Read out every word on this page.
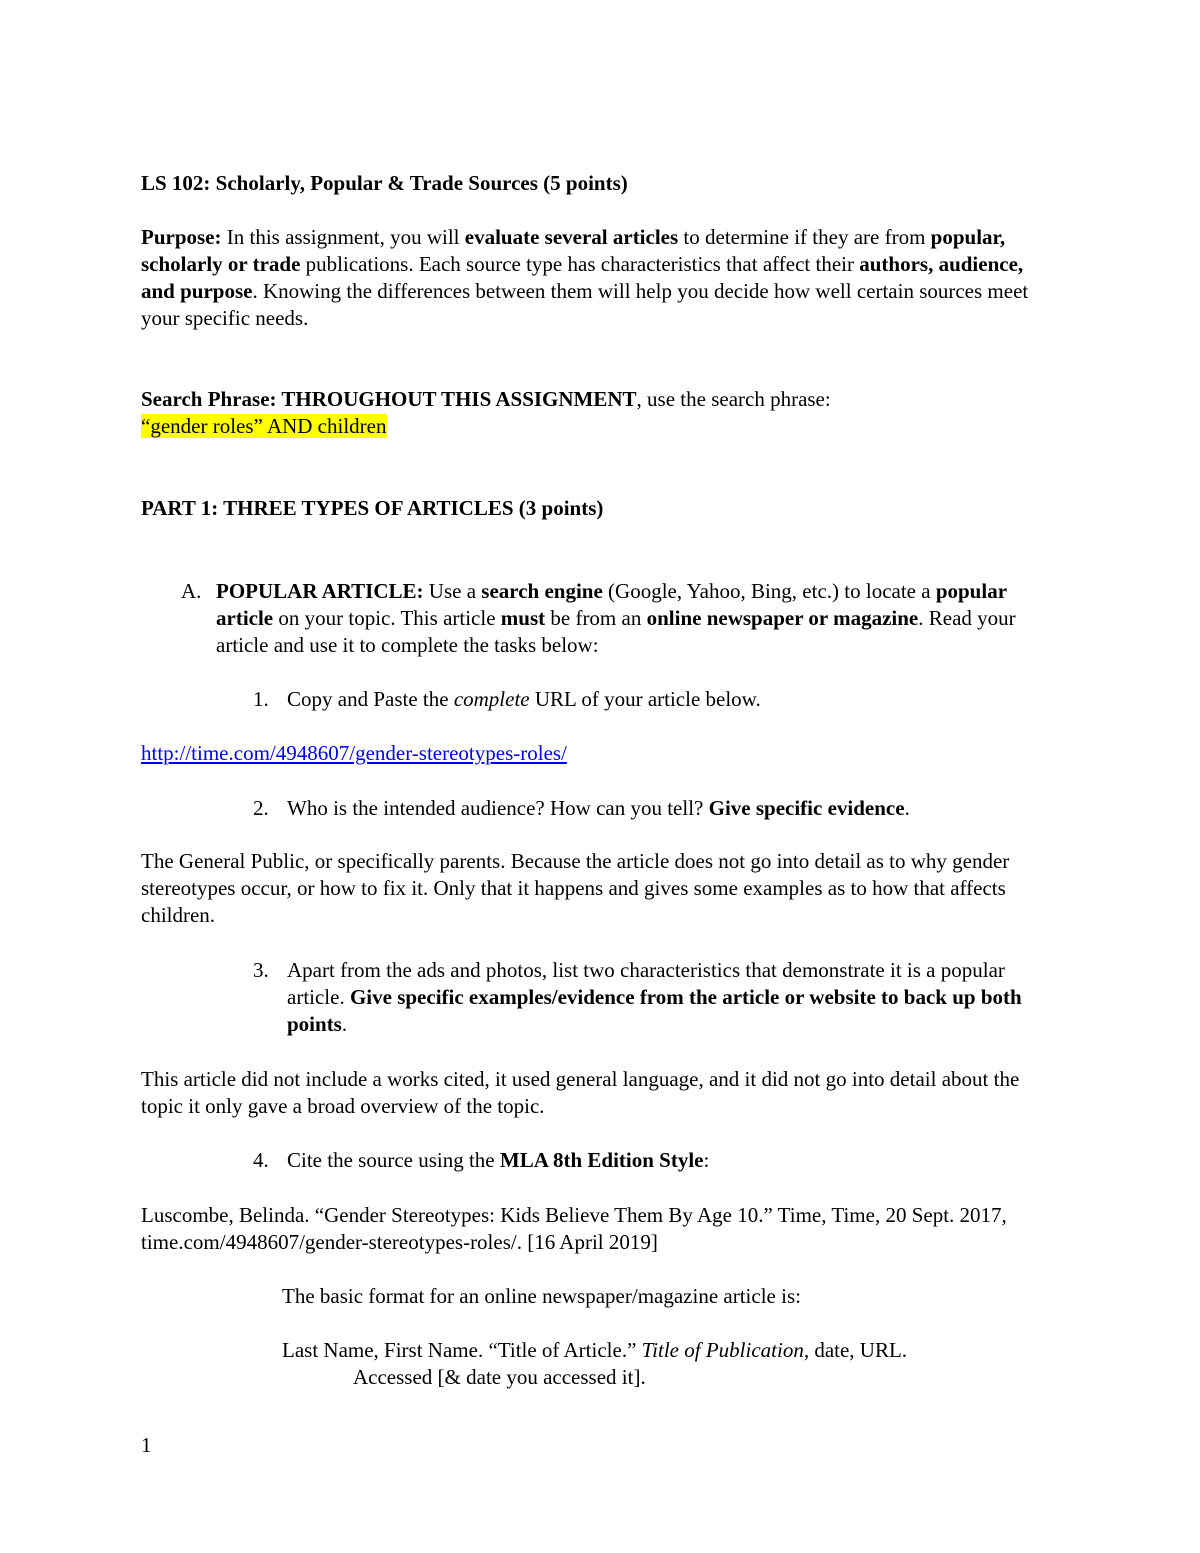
LS 102: Scholarly, Popular & Trade Sources (5 points)

Purpose: In this assignment, you will evaluate several articles to determine if they are from popular, scholarly or trade publications. Each source type has characteristics that affect their authors, audience, and purpose. Knowing the differences between them will help you decide how well certain sources meet your specific needs.

Search Phrase: THROUGHOUT THIS ASSIGNMENT, use the search phrase:
“gender roles” AND children

PART 1: THREE TYPES OF ARTICLES (3 points)

A. POPULAR ARTICLE: Use a search engine (Google, Yahoo, Bing, etc.) to locate a popular article on your topic. This article must be from an online newspaper or magazine. Read your article and use it to complete the tasks below:

1. Copy and Paste the complete URL of your article below.

http://time.com/4948607/gender-stereotypes-roles/

2. Who is the intended audience? How can you tell? Give specific evidence.

The General Public, or specifically parents. Because the article does not go into detail as to why gender stereotypes occur, or how to fix it. Only that it happens and gives some examples as to how that affects children.

3. Apart from the ads and photos, list two characteristics that demonstrate it is a popular article. Give specific examples/evidence from the article or website to back up both points.

This article did not include a works cited, it used general language, and it did not go into detail about the topic it only gave a broad overview of the topic.

4. Cite the source using the MLA 8th Edition Style:

Luscombe, Belinda. “Gender Stereotypes: Kids Believe Them By Age 10.” Time, Time, 20 Sept. 2017, time.com/4948607/gender-stereotypes-roles/. [16 April 2019]

The basic format for an online newspaper/magazine article is:

Last Name, First Name. “Title of Article.” Title of Publication, date, URL.

Accessed [& date you accessed it].

1
